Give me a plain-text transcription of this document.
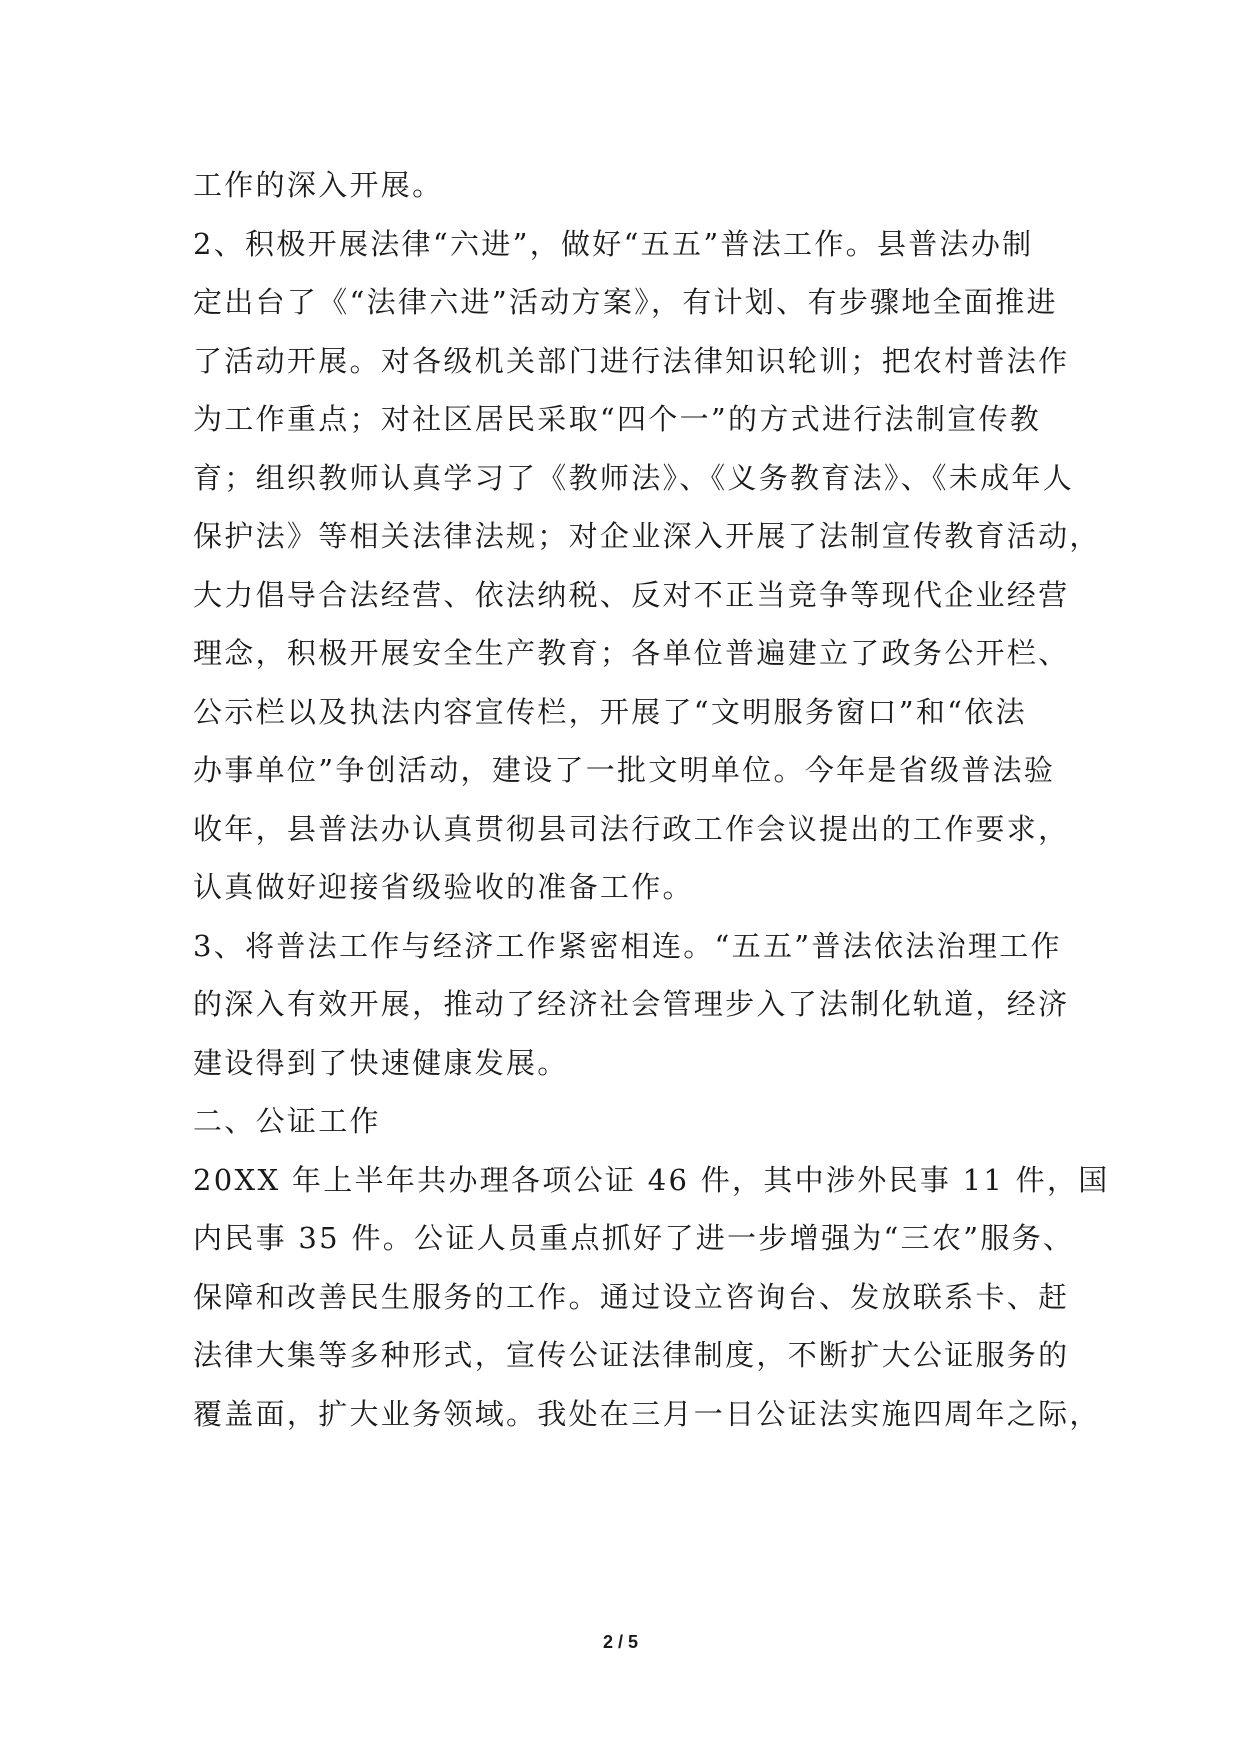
工作的深入开展。
2、积极开展法律“六进”，做好“五五”普法工作。县普法办制
定出台了《“法律六进”活动方案》，有计划、有步骤地全面推进
了活动开展。对各级机关部门进行法律知识轮训；把农村普法作
为工作重点；对社区居民采取“四个一”的方式进行法制宣传教
育；组织教师认真学习了《教师法》、《义务教育法》、《未成年人
保护法》等相关法律法规；对企业深入开展了法制宣传教育活动，
大力倡导合法经营、依法纳税、反对不正当竞争等现代企业经营
理念，积极开展安全生产教育；各单位普遍建立了政务公开栏、
公示栏以及执法内容宣传栏，开展了“文明服务窗口”和“依法
办事单位”争创活动，建设了一批文明单位。今年是省级普法验
收年，县普法办认真贯彻县司法行政工作会议提出的工作要求，
认真做好迎接省级验收的准备工作。
3、将普法工作与经济工作紧密相连。“五五”普法依法治理工作
的深入有效开展，推动了经济社会管理步入了法制化轨道，经济
建设得到了快速健康发展。
二、公证工作
20XX 年上半年共办理各项公证 46 件，其中涉外民事 11 件，国
内民事 35 件。公证人员重点抓好了进一步增强为“三农”服务、
保障和改善民生服务的工作。通过设立咨询台、发放联系卡、赶
法律大集等多种形式，宣传公证法律制度，不断扩大公证服务的
覆盖面，扩大业务领域。我处在三月一日公证法实施四周年之际，
2 / 5
